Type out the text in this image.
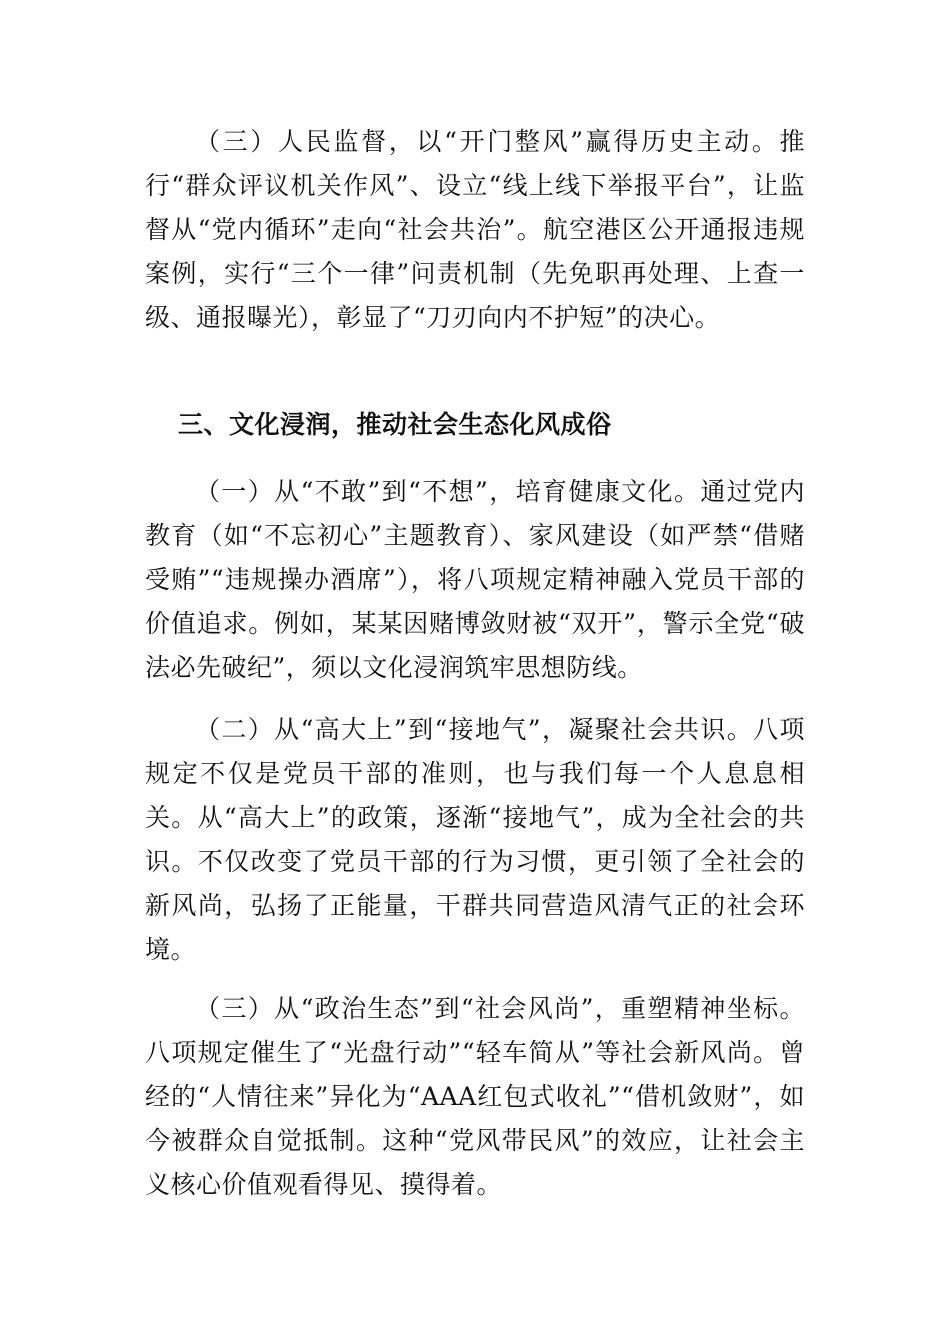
（三）人民监督，以“开门整风”赢得历史主动。推行“群众评议机关作风”、设立“线上线下举报平台”，让监督从“党内循环”走向“社会共治”。航空港区公开通报违规案例，实行“三个一律”问责机制（先免职再处理、上查一级、通报曝光），彰显了“刀刃向内不护短”的决心。

三、文化浸润，推动社会生态化风成俗

（一）从“不敢”到“不想”，培育健康文化。通过党内教育（如“不忘初心”主题教育）、家风建设（如严禁“借赌受贿”“违规操办酒席”），将八项规定精神融入党员干部的价值追求。例如，某某因赌博敛财被“双开”，警示全党“破法必先破纪”，须以文化浸润筑牢思想防线。

（二）从“高大上”到“接地气”，凝聚社会共识。八项规定不仅是党员干部的准则，也与我们每一个人息息相关。从“高大上”的政策，逐渐“接地气”，成为全社会的共识。不仅改变了党员干部的行为习惯，更引领了全社会的新风尚，弘扬了正能量，干群共同营造风清气正的社会环境。

（三）从“政治生态”到“社会风尚”，重塑精神坐标。八项规定催生了“光盘行动”“轻车简从”等社会新风尚。曾经的“人情往来”异化为“AAA红包式收礼”“借机敛财”，如今被群众自觉抵制。这种“党风带民风”的效应，让社会主义核心价值观看得见、摸得着。
